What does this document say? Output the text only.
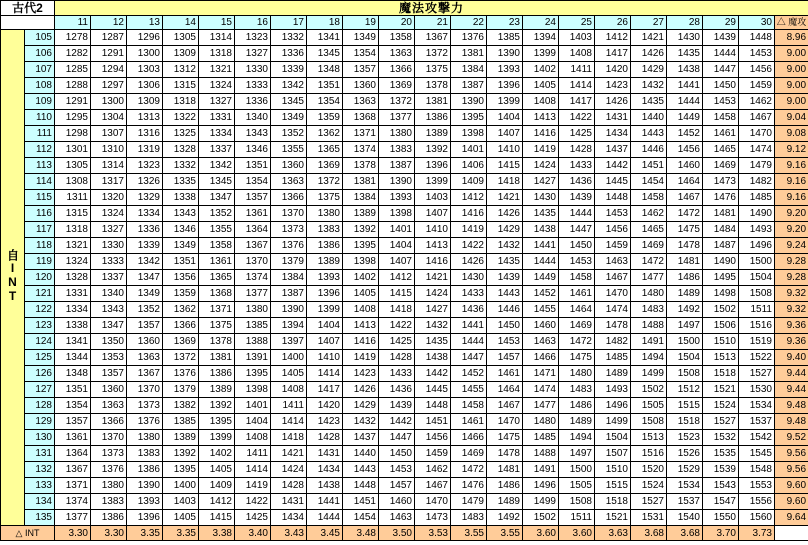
古代2		魔法攻撃力																				
		11	12	13	14	15	16	17	18	19	20	21	22	23	24	25	26	27	28	29	30	△ 魔攻
自INT	105	1278	1287	1296	1305	1314	1323	1332	1341	1349	1358	1367	1376	1385	1394	1403	1412	1421	1430	1439	1448	8.96
	106	1282	1291	1300	1309	1318	1327	1336	1345	1354	1363	1372	1381	1390	1399	1408	1417	1426	1435	1444	1453	9.00
	107	1285	1294	1303	1312	1321	1330	1339	1348	1357	1366	1375	1384	1393	1402	1411	1420	1429	1438	1447	1456	9.00
	108	1288	1297	1306	1315	1324	1333	1342	1351	1360	1369	1378	1387	1396	1405	1414	1423	1432	1441	1450	1459	9.00
	109	1291	1300	1309	1318	1327	1336	1345	1354	1363	1372	1381	1390	1399	1408	1417	1426	1435	1444	1453	1462	9.00
	110	1295	1304	1313	1322	1331	1340	1349	1359	1368	1377	1386	1395	1404	1413	1422	1431	1440	1449	1458	1467	9.04
	111	1298	1307	1316	1325	1334	1343	1352	1362	1371	1380	1389	1398	1407	1416	1425	1434	1443	1452	1461	1470	9.08
	112	1301	1310	1319	1328	1337	1346	1355	1365	1374	1383	1392	1401	1410	1419	1428	1437	1446	1456	1465	1474	9.12
	113	1305	1314	1323	1332	1342	1351	1360	1369	1378	1387	1396	1406	1415	1424	1433	1442	1451	1460	1469	1479	9.16
	114	1308	1317	1326	1335	1345	1354	1363	1372	1381	1390	1399	1409	1418	1427	1436	1445	1454	1464	1473	1482	9.16
	115	1311	1320	1329	1338	1347	1357	1366	1375	1384	1393	1403	1412	1421	1430	1439	1448	1458	1467	1476	1485	9.16
	116	1315	1324	1334	1343	1352	1361	1370	1380	1389	1398	1407	1416	1426	1435	1444	1453	1462	1472	1481	1490	9.20
	117	1318	1327	1336	1346	1355	1364	1373	1383	1392	1401	1410	1419	1429	1438	1447	1456	1465	1475	1484	1493	9.20
	118	1321	1330	1339	1349	1358	1367	1376	1386	1395	1404	1413	1422	1432	1441	1450	1459	1469	1478	1487	1496	9.24
	119	1324	1333	1342	1351	1361	1370	1379	1389	1398	1407	1416	1426	1435	1444	1453	1463	1472	1481	1490	1500	9.28
	120	1328	1337	1347	1356	1365	1374	1384	1393	1402	1412	1421	1430	1439	1449	1458	1467	1477	1486	1495	1504	9.28
	121	1331	1340	1349	1359	1368	1377	1387	1396	1405	1415	1424	1433	1443	1452	1461	1470	1480	1489	1498	1508	9.32
	122	1334	1343	1352	1362	1371	1380	1390	1399	1408	1418	1427	1436	1446	1455	1464	1474	1483	1492	1502	1511	9.32
	123	1338	1347	1357	1366	1375	1385	1394	1404	1413	1422	1432	1441	1450	1460	1469	1478	1488	1497	1506	1516	9.36
	124	1341	1350	1360	1369	1378	1388	1397	1407	1416	1425	1435	1444	1453	1463	1472	1482	1491	1500	1510	1519	9.36
	125	1344	1353	1363	1372	1381	1391	1400	1410	1419	1428	1438	1447	1457	1466	1475	1485	1494	1504	1513	1522	9.40
	126	1348	1357	1367	1376	1386	1395	1405	1414	1423	1433	1442	1452	1461	1471	1480	1489	1499	1508	1518	1527	9.44
	127	1351	1360	1370	1379	1389	1398	1408	1417	1426	1436	1445	1455	1464	1474	1483	1493	1502	1512	1521	1530	9.44
	128	1354	1363	1373	1382	1392	1401	1411	1420	1429	1439	1448	1458	1467	1477	1486	1496	1505	1515	1524	1534	9.48
	129	1357	1366	1376	1385	1395	1404	1414	1423	1432	1442	1451	1461	1470	1480	1489	1499	1508	1518	1527	1537	9.48
	130	1361	1370	1380	1389	1399	1408	1418	1428	1437	1447	1456	1466	1475	1485	1494	1504	1513	1523	1532	1542	9.52
	131	1364	1373	1383	1392	1402	1411	1421	1431	1440	1450	1459	1469	1478	1488	1497	1507	1516	1526	1535	1545	9.56
	132	1367	1376	1386	1395	1405	1414	1424	1434	1443	1453	1462	1472	1481	1491	1500	1510	1520	1529	1539	1548	9.56
	133	1371	1380	1390	1400	1409	1419	1428	1438	1448	1457	1467	1476	1486	1496	1505	1515	1524	1534	1543	1553	9.60
	134	1374	1383	1393	1403	1412	1422	1431	1441	1451	1460	1470	1479	1489	1499	1508	1518	1527	1537	1547	1556	9.60
	135	1377	1386	1396	1405	1415	1425	1434	1444	1454	1463	1473	1483	1492	1502	1511	1521	1531	1540	1550	1560	9.64
△ INT		3.30	3.30	3.35	3.35	3.38	3.40	3.43	3.45	3.48	3.50	3.53	3.55	3.55	3.60	3.60	3.63	3.68	3.68	3.70	3.73	
